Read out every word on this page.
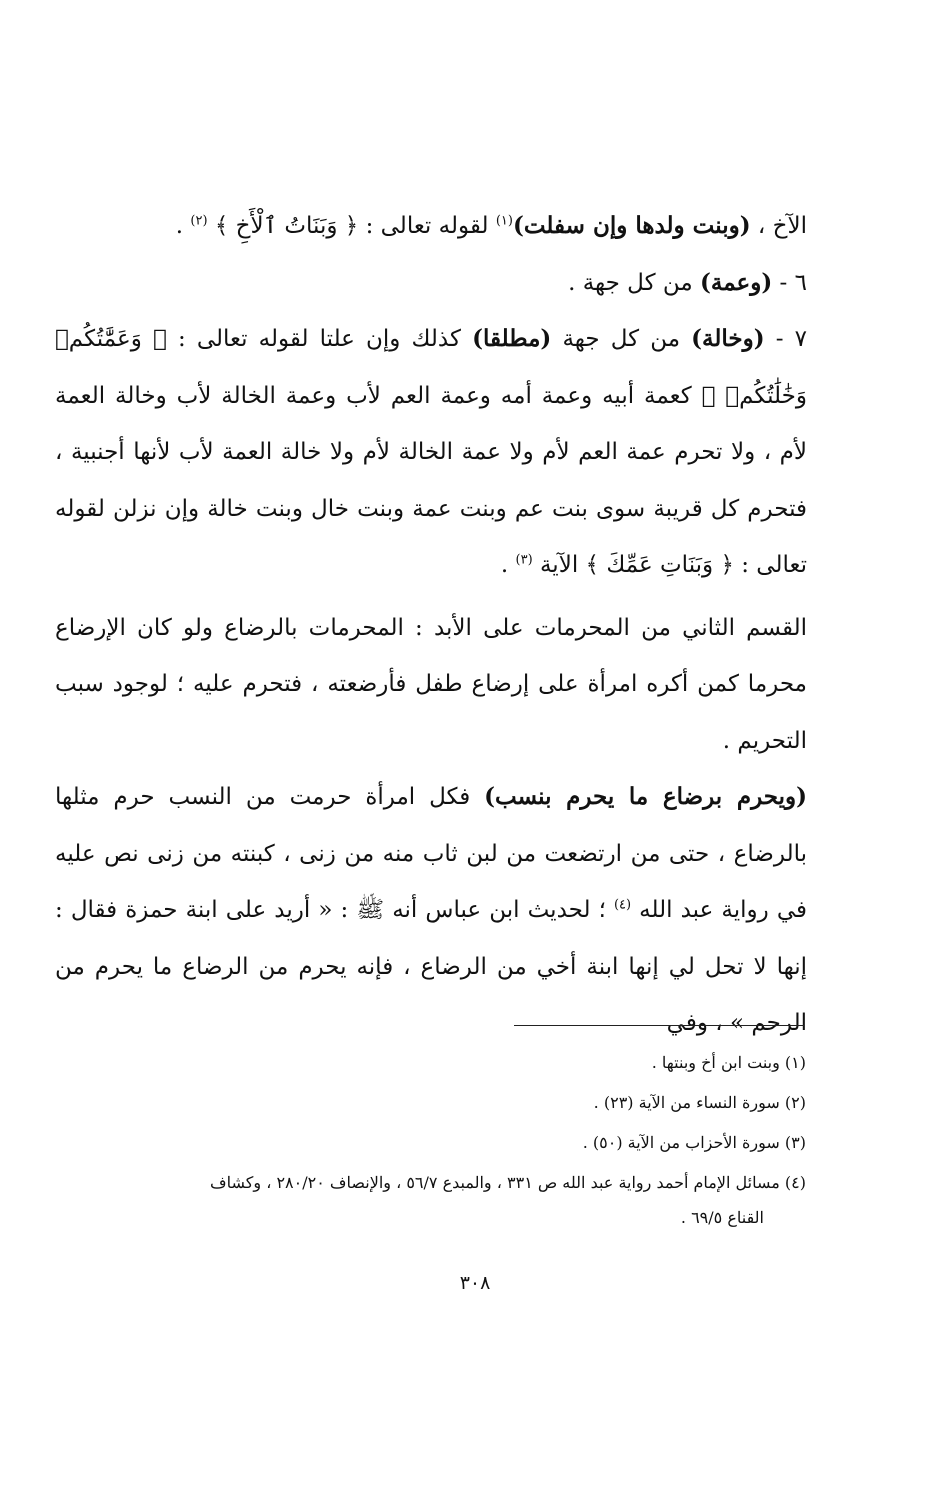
الآخ ، (وبنت ولدها وإن سفلت)$^{(١)}$ لقوله تعالى : ﴿ وَبَنَاتُ ٱلْأَخِ ﴾ $^{(٢)}$ .

٦ - (وعمة) من كل جهة .

٧ - (وخالة) من كل جهة (مطلقا) كذلك وإن علتا لقوله تعالى : ﴿ وَعَمَّٰتُكُمۡ وَخَٰلَٰتُكُمۡ ﴾ كعمة أبيه وعمة أمه وعمة العم لأب وعمة الخالة لأب وخالة العمة لأم ، ولا تحرم عمة العم لأم ولا عمة الخالة لأم ولا خالة العمة لأب لأنها أجنبية ، فتحرم كل قريبة سوى بنت عم وبنت عمة وبنت خال وبنت خالة وإن نزلن لقوله تعالى : ﴿ وَبَنَاتِ عَمِّكَ ﴾ الآية $^{(٣)}$ .

القسم الثاني من المحرمات على الأبد : المحرمات بالرضاع ولو كان الإرضاع محرما كمن أكره امرأة على إرضاع طفل فأرضعته ، فتحرم عليه ؛ لوجود سبب التحريم .

(ويحرم برضاع ما يحرم بنسب) فكل امرأة حرمت من النسب حرم مثلها بالرضاع ، حتى من ارتضعت من لبن ثاب منه من زنى ، كبنته من زنى نص عليه في رواية عبد الله $^{(٤)}$ ؛ لحديث ابن عباس أنه ﷺ : « أريد على ابنة حمزة فقال : إنها لا تحل لي إنها ابنة أخي من الرضاع ، فإنه يحرم من الرضاع ما يحرم من الرحم » ، وفي

(١) وبنت ابن أخ وبنتها .

(٢) سورة النساء من الآية (٢٣) .

(٣) سورة الأحزاب من الآية (٥٠) .

(٤) مسائل الإمام أحمد رواية عبد الله ص ٣٣١ ، والمبدع ٥٦/٧ ، والإنصاف ٢٨٠/٢٠ ، وكشاف

القناع ٦٩/٥ .

٣٠٨
